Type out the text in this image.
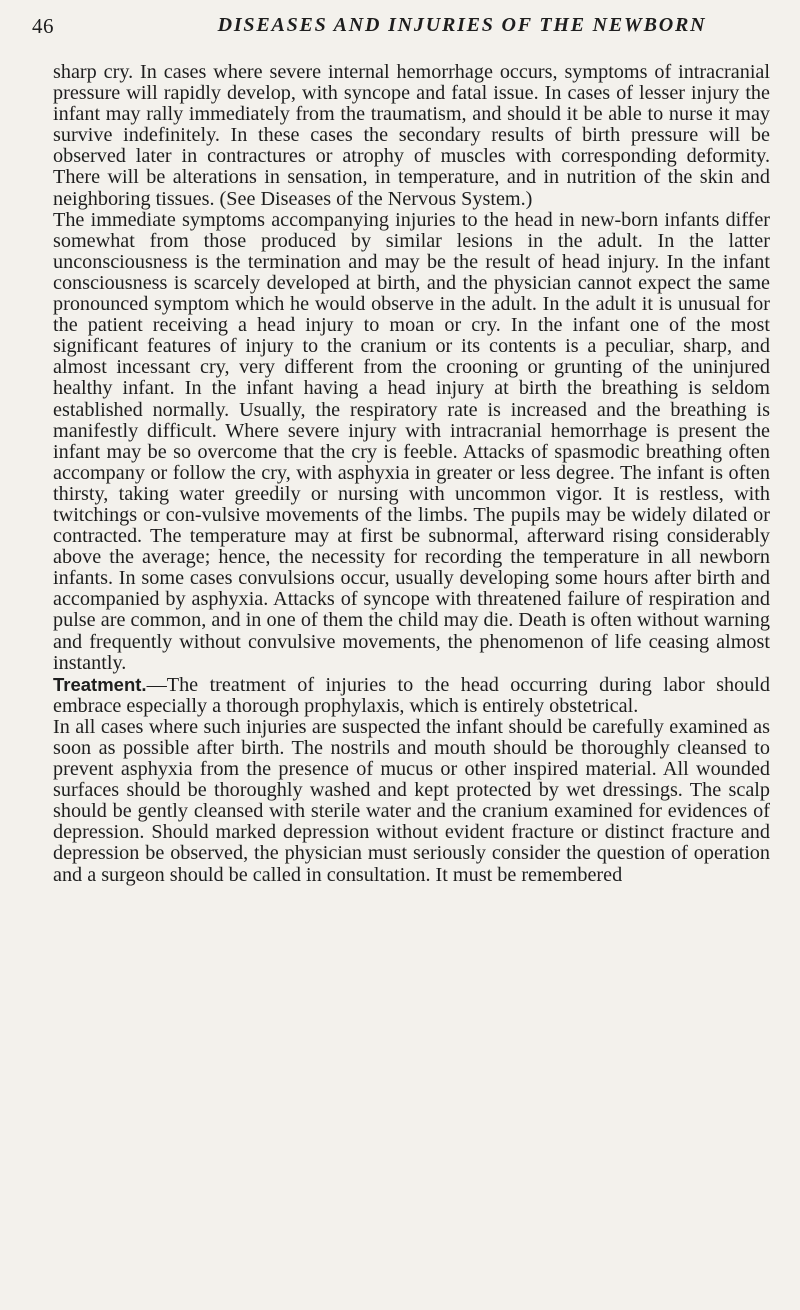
46	DISEASES AND INJURIES OF THE NEWBORN

sharp cry. In cases where severe internal hemorrhage occurs, symptoms of intracranial pressure will rapidly develop, with syncope and fatal issue. In cases of lesser injury the infant may rally immediately from the traumatism, and should it be able to nurse it may survive indefinitely. In these cases the secondary results of birth pressure will be observed later in contractures or atrophy of muscles with corresponding deformity. There will be alterations in sensation, in temperature, and in nutrition of the skin and neighboring tissues. (See Diseases of the Nervous System.)

The immediate symptoms accompanying injuries to the head in new-born infants differ somewhat from those produced by similar lesions in the adult. In the latter unconsciousness is the termination and may be the result of head injury. In the infant consciousness is scarcely developed at birth, and the physician cannot expect the same pronounced symptom which he would observe in the adult. In the adult it is unusual for the patient receiving a head injury to moan or cry. In the infant one of the most significant features of injury to the cranium or its contents is a peculiar, sharp, and almost incessant cry, very different from the crooning or grunting of the uninjured healthy infant. In the infant having a head injury at birth the breathing is seldom established normally. Usually, the respiratory rate is increased and the breathing is manifestly difficult. Where severe injury with intracranial hemorrhage is present the infant may be so overcome that the cry is feeble. Attacks of spasmodic breathing often accompany or follow the cry, with asphyxia in greater or less degree. The infant is often thirsty, taking water greedily or nursing with uncommon vigor. It is restless, with twitchings or con-vulsive movements of the limbs. The pupils may be widely dilated or contracted. The temperature may at first be subnormal, afterward rising considerably above the average; hence, the necessity for recording the temperature in all newborn infants. In some cases convulsions occur, usually developing some hours after birth and accompanied by asphyxia. Attacks of syncope with threatened failure of respiration and pulse are common, and in one of them the child may die. Death is often without warning and frequently without convulsive movements, the phenomenon of life ceasing almost instantly.

Treatment.—The treatment of injuries to the head occurring during labor should embrace especially a thorough prophylaxis, which is entirely obstetrical.

In all cases where such injuries are suspected the infant should be carefully examined as soon as possible after birth. The nostrils and mouth should be thoroughly cleansed to prevent asphyxia from the presence of mucus or other inspired material. All wounded surfaces should be thoroughly washed and kept protected by wet dressings. The scalp should be gently cleansed with sterile water and the cranium examined for evidences of depression. Should marked depression without evident fracture or distinct fracture and depression be observed, the physician must seriously consider the question of operation and a surgeon should be called in consultation. It must be remembered
